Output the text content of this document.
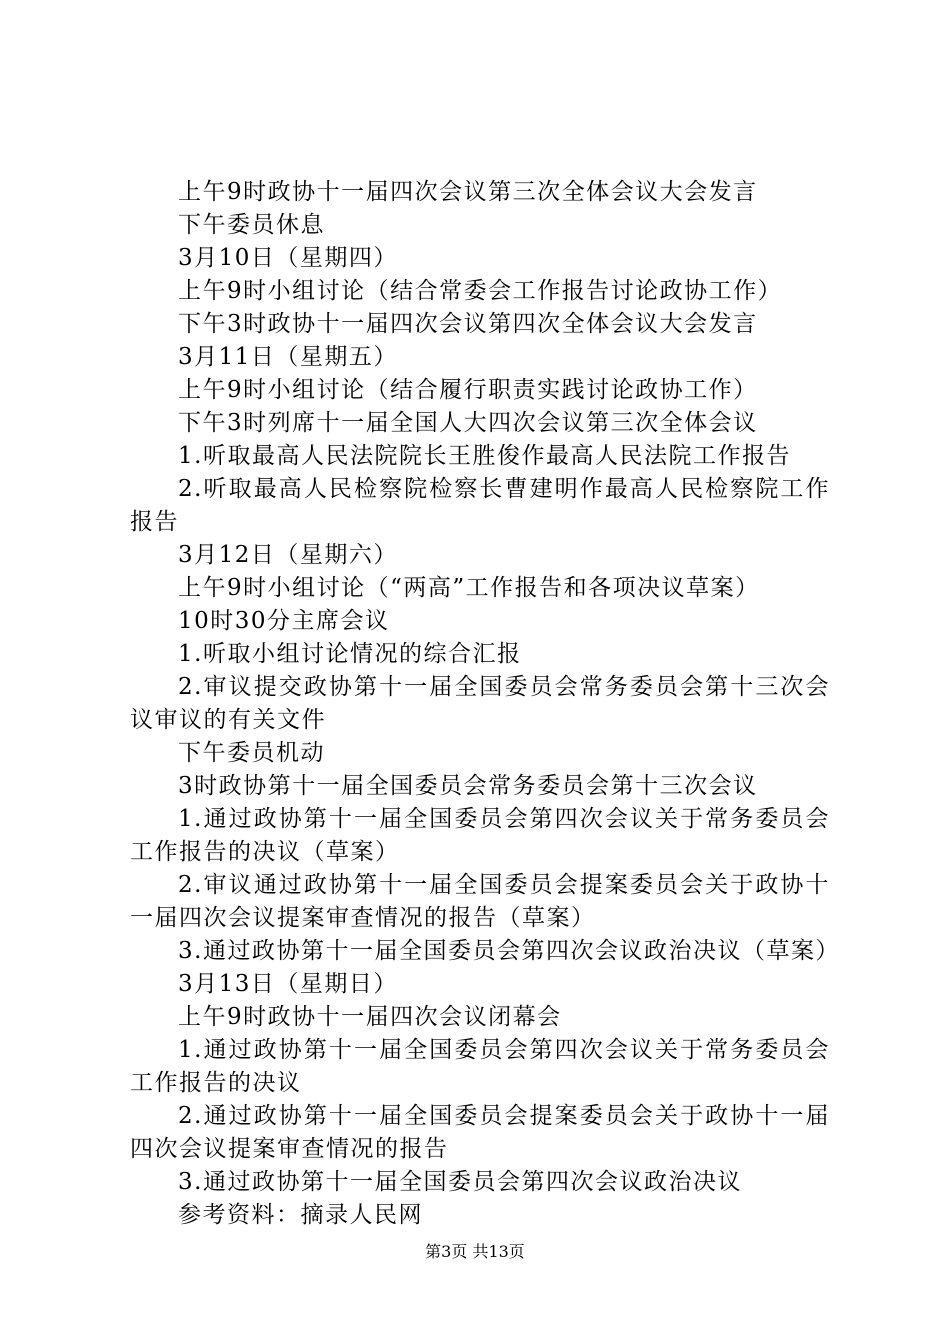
上午9时政协十一届四次会议第三次全体会议大会发言

下午委员休息

3月10日（星期四）

上午9时小组讨论（结合常委会工作报告讨论政协工作）

下午3时政协十一届四次会议第四次全体会议大会发言

3月11日（星期五）

上午9时小组讨论（结合履行职责实践讨论政协工作）

下午3时列席十一届全国人大四次会议第三次全体会议

1.听取最高人民法院院长王胜俊作最高人民法院工作报告

2.听取最高人民检察院检察长曹建明作最高人民检察院工作报告

3月12日（星期六）

上午9时小组讨论（“两高”工作报告和各项决议草案）

10时30分主席会议

1.听取小组讨论情况的综合汇报

2.审议提交政协第十一届全国委员会常务委员会第十三次会议审议的有关文件

下午委员机动

3时政协第十一届全国委员会常务委员会第十三次会议

1.通过政协第十一届全国委员会第四次会议关于常务委员会工作报告的决议（草案）

2.审议通过政协第十一届全国委员会提案委员会关于政协十一届四次会议提案审查情况的报告（草案）

3.通过政协第十一届全国委员会第四次会议政治决议（草案）

3月13日（星期日）

上午9时政协十一届四次会议闭幕会

1.通过政协第十一届全国委员会第四次会议关于常务委员会工作报告的决议

2.通过政协第十一届全国委员会提案委员会关于政协十一届四次会议提案审查情况的报告

3.通过政协第十一届全国委员会第四次会议政治决议

参考资料：摘录人民网

第3页 共13页
